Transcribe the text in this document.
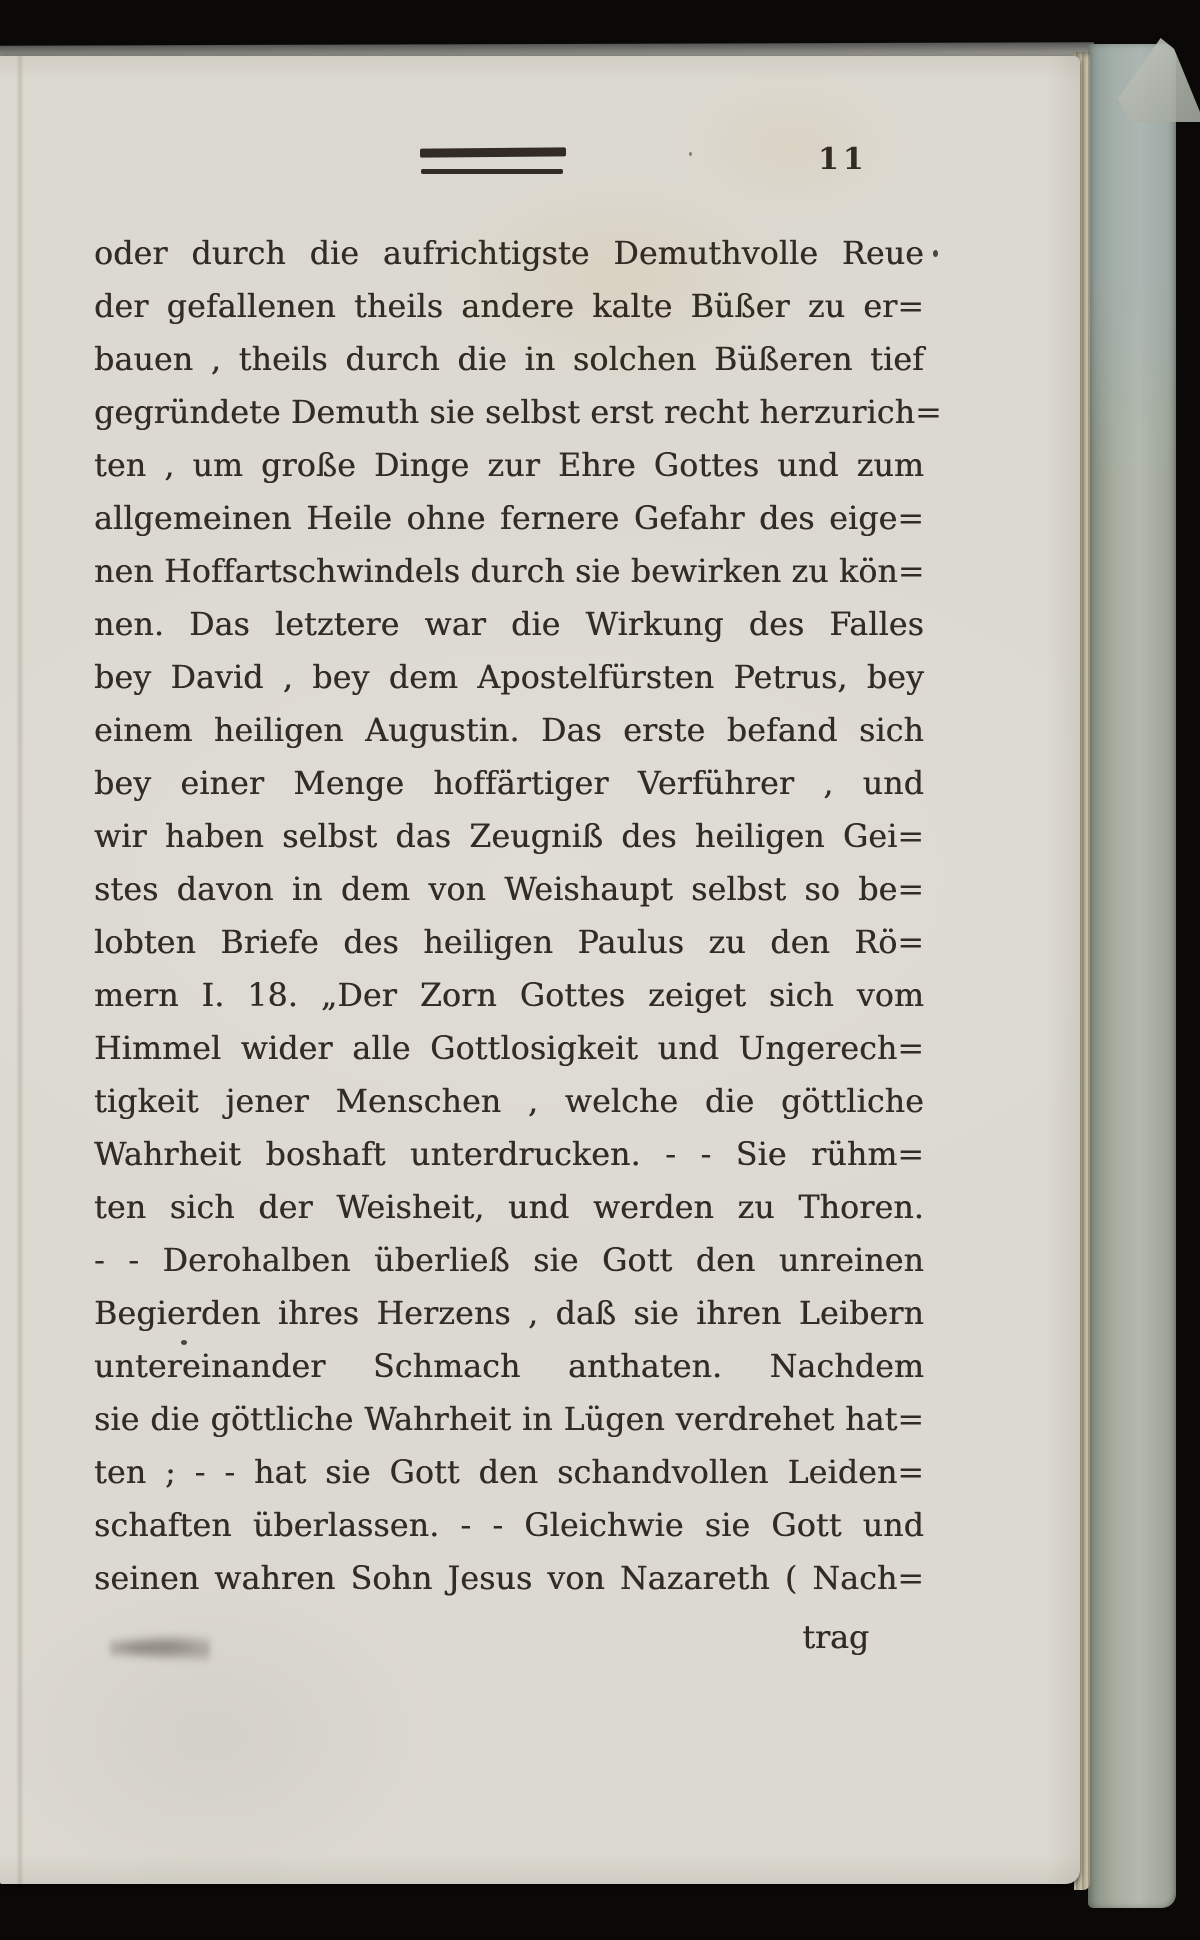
11
oder durch die aufrichtigste Demuthvolle Reue
der gefallenen theils andere kalte Büßer zu er=
bauen , theils durch die in solchen Büßeren tief
gegründete Demuth sie selbst erst recht herzurich=
ten , um große Dinge zur Ehre Gottes und zum
allgemeinen Heile ohne fernere Gefahr des eige=
nen Hoffartschwindels durch sie bewirken zu kön=
nen. Das letztere war die Wirkung des Falles
bey David , bey dem Apostelfürsten Petrus, bey
einem heiligen Augustin. Das erste befand sich
bey einer Menge hoffärtiger Verführer , und
wir haben selbst das Zeugniß des heiligen Gei=
stes davon in dem von Weishaupt selbst so be=
lobten Briefe des heiligen Paulus zu den Rö=
mern I. 18. „Der Zorn Gottes zeiget sich vom
Himmel wider alle Gottlosigkeit und Ungerech=
tigkeit jener Menschen , welche die göttliche
Wahrheit boshaft unterdrucken. - - Sie rühm=
ten sich der Weisheit, und werden zu Thoren.
- - Derohalben überließ sie Gott den unreinen
Begierden ihres Herzens , daß sie ihren Leibern
untereinander Schmach anthaten. Nachdem
sie die göttliche Wahrheit in Lügen verdrehet hat=
ten ; - - hat sie Gott den schandvollen Leiden=
schaften überlassen. - - Gleichwie sie Gott und
seinen wahren Sohn Jesus von Nazareth ( Nach=
trag
